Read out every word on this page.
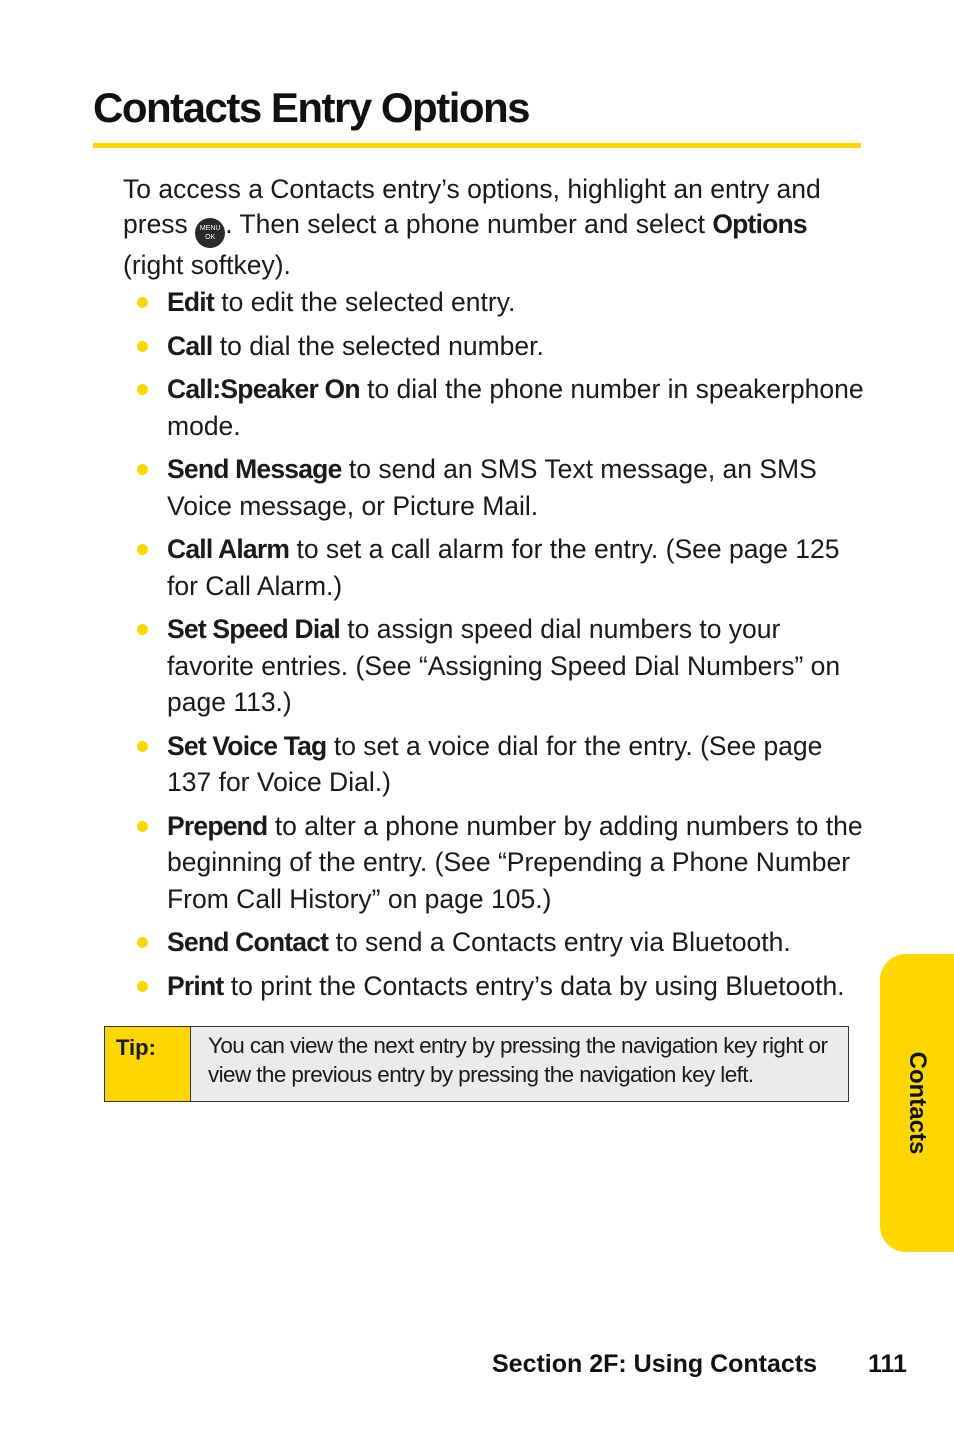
Contacts Entry Options

To access a Contacts entry’s options, highlight an entry and press	MENU
OK . Then select a phone number and select Options (right softkey).

Edit to edit the selected entry.
Call to dial the selected number.
Call:Speaker On to dial the phone number in speakerphone mode.
Send Message to send an SMS Text message, an SMS Voice message, or Picture Mail.
Call Alarm to set a call alarm for the entry. (See page 125 for Call Alarm.)
Set Speed Dial to assign speed dial numbers to your favorite entries. (See “Assigning Speed Dial Numbers” on page 113.)
Set Voice Tag to set a voice dial for the entry. (See page 137 for Voice Dial.)
Prepend to alter a phone number by adding numbers to the beginning of the entry. (See “Prepending a Phone Number From Call History” on page 105.)
Send Contact to send a Contacts entry via Bluetooth.
Print to print the Contacts entry’s data by using Bluetooth.
Tip:	You can view the next entry by pressing the navigation key right or view the previous entry by pressing the navigation key left.	Contacts
Section 2F: Using Contacts 111
